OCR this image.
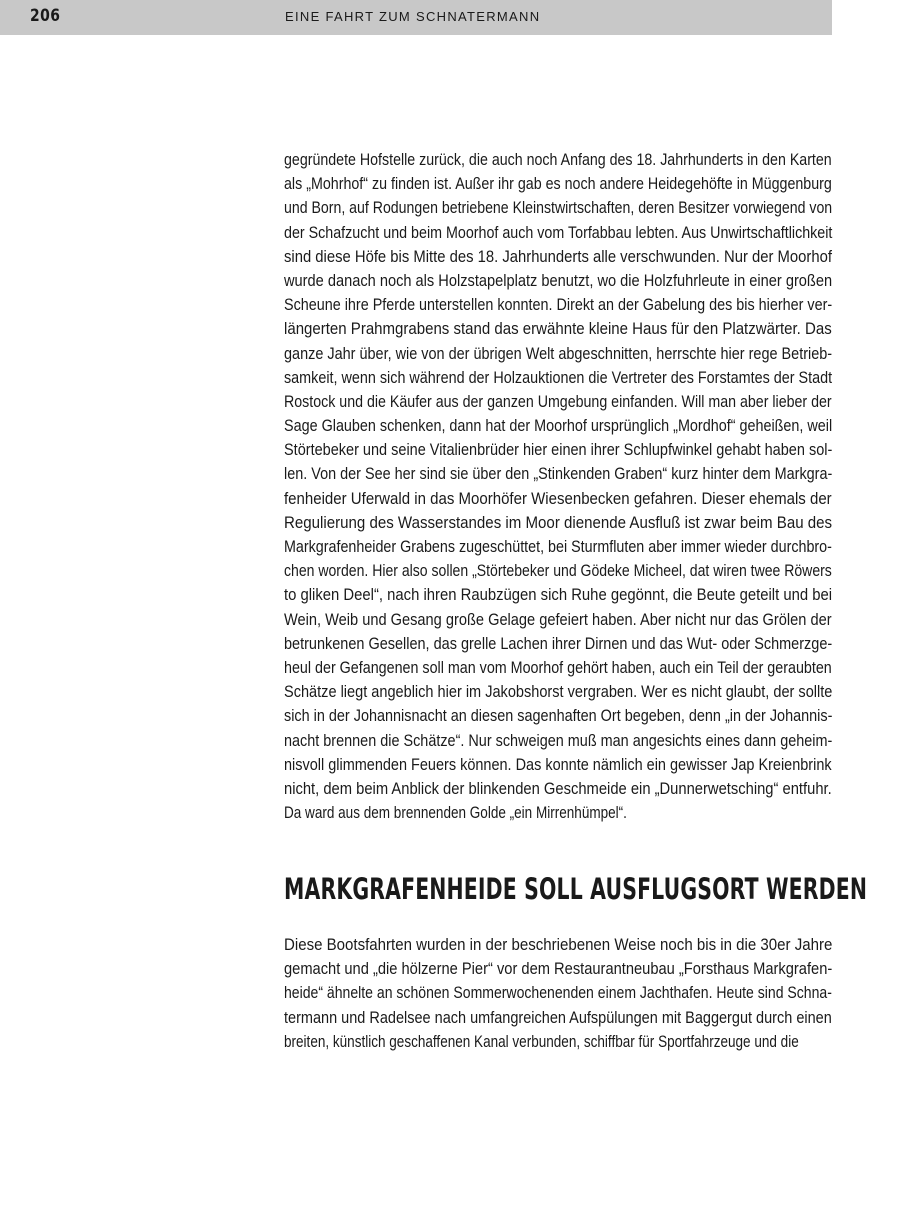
206	EINE FAHRT ZUM SCHNATERMANN
gegründete Hofstelle zurück, die auch noch Anfang des 18. Jahrhunderts in den Karten
als „Mohrhof“ zu finden ist. Außer ihr gab es noch andere Heidegehöfte in Müggenburg
und Born, auf Rodungen betriebene Kleinstwirtschaften, deren Besitzer vorwiegend von
der Schafzucht und beim Moorhof auch vom Torfabbau lebten. Aus Unwirtschaftlichkeit
sind diese Höfe bis Mitte des 18. Jahrhunderts alle verschwunden. Nur der Moorhof
wurde danach noch als Holzstapelplatz benutzt, wo die Holzfuhrleute in einer großen
Scheune ihre Pferde unterstellen konnten. Direkt an der Gabelung des bis hierher ver-
längerten Prahmgrabens stand das erwähnte kleine Haus für den Platzwärter. Das
ganze Jahr über, wie von der übrigen Welt abgeschnitten, herrschte hier rege Betrieb-
samkeit, wenn sich während der Holzauktionen die Vertreter des Forstamtes der Stadt
Rostock und die Käufer aus der ganzen Umgebung einfanden. Will man aber lieber der
Sage Glauben schenken, dann hat der Moorhof ursprünglich „Mordhof“ geheißen, weil
Störtebeker und seine Vitalienbrüder hier einen ihrer Schlupfwinkel gehabt haben sol-
len. Von der See her sind sie über den „Stinkenden Graben“ kurz hinter dem Markgra-
fenheider Uferwald in das Moorhöfer Wiesenbecken gefahren. Dieser ehemals der
Regulierung des Wasserstandes im Moor dienende Ausfluß ist zwar beim Bau des
Markgrafenheider Grabens zugeschüttet, bei Sturmfluten aber immer wieder durchbro-
chen worden. Hier also sollen „Störtebeker und Gödeke Micheel, dat wiren twee Röwers
to gliken Deel“, nach ihren Raubzügen sich Ruhe gegönnt, die Beute geteilt und bei
Wein, Weib und Gesang große Gelage gefeiert haben. Aber nicht nur das Grölen der
betrunkenen Gesellen, das grelle Lachen ihrer Dirnen und das Wut- oder Schmerzge-
heul der Gefangenen soll man vom Moorhof gehört haben, auch ein Teil der geraubten
Schätze liegt angeblich hier im Jakobshorst vergraben. Wer es nicht glaubt, der sollte
sich in der Johannisnacht an diesen sagenhaften Ort begeben, denn „in der Johannis-
nacht brennen die Schätze“. Nur schweigen muß man angesichts eines dann geheim-
nisvoll glimmenden Feuers können. Das konnte nämlich ein gewisser Jap Kreienbrink
nicht, dem beim Anblick der blinkenden Geschmeide ein „Dunnerwetsching“ entfuhr.
Da ward aus dem brennenden Golde „ein Mirrenhümpel“.
MARKGRAFENHEIDE SOLL AUSFLUGSORT WERDEN
Diese Bootsfahrten wurden in der beschriebenen Weise noch bis in die 30er Jahre
gemacht und „die hölzerne Pier“ vor dem Restaurantneubau „Forsthaus Markgrafen-
heide“ ähnelte an schönen Sommerwochenenden einem Jachthafen. Heute sind Schna-
termann und Radelsee nach umfangreichen Aufspülungen mit Baggergut durch einen
breiten, künstlich geschaffenen Kanal verbunden, schiffbar für Sportfahrzeuge und die
